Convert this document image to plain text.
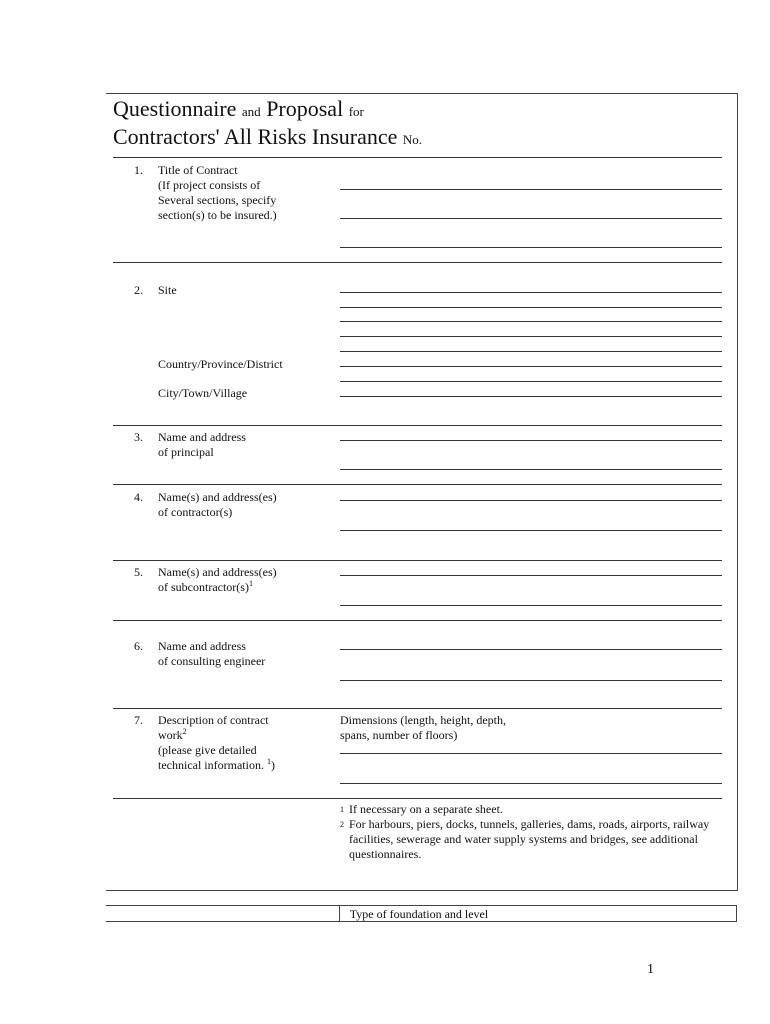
Questionnaire and Proposal for
Contractors' All Risks Insurance No.
1. Title of Contract
(If project consists of
Several sections, specify
section(s) to be insured.)
2. Site
Country/Province/District
City/Town/Village
3. Name and address
of principal
4. Name(s) and address(es)
of contractor(s)
5. Name(s) and address(es)
of $subcontractor(s)^1$
6. Name and address
of consulting engineer
7. Description of contract
work$^2$
(please give detailed
technical information. $^1$)
Dimensions (length, height, depth,
spans, number of floors)
1 If necessary on a separate sheet.
2 For harbours, piers, docks, tunnels, galleries, dams, roads, airports, railway
facilities, sewerage and water supply systems and bridges, see additional
questionnaires.
Type of foundation and level
1
